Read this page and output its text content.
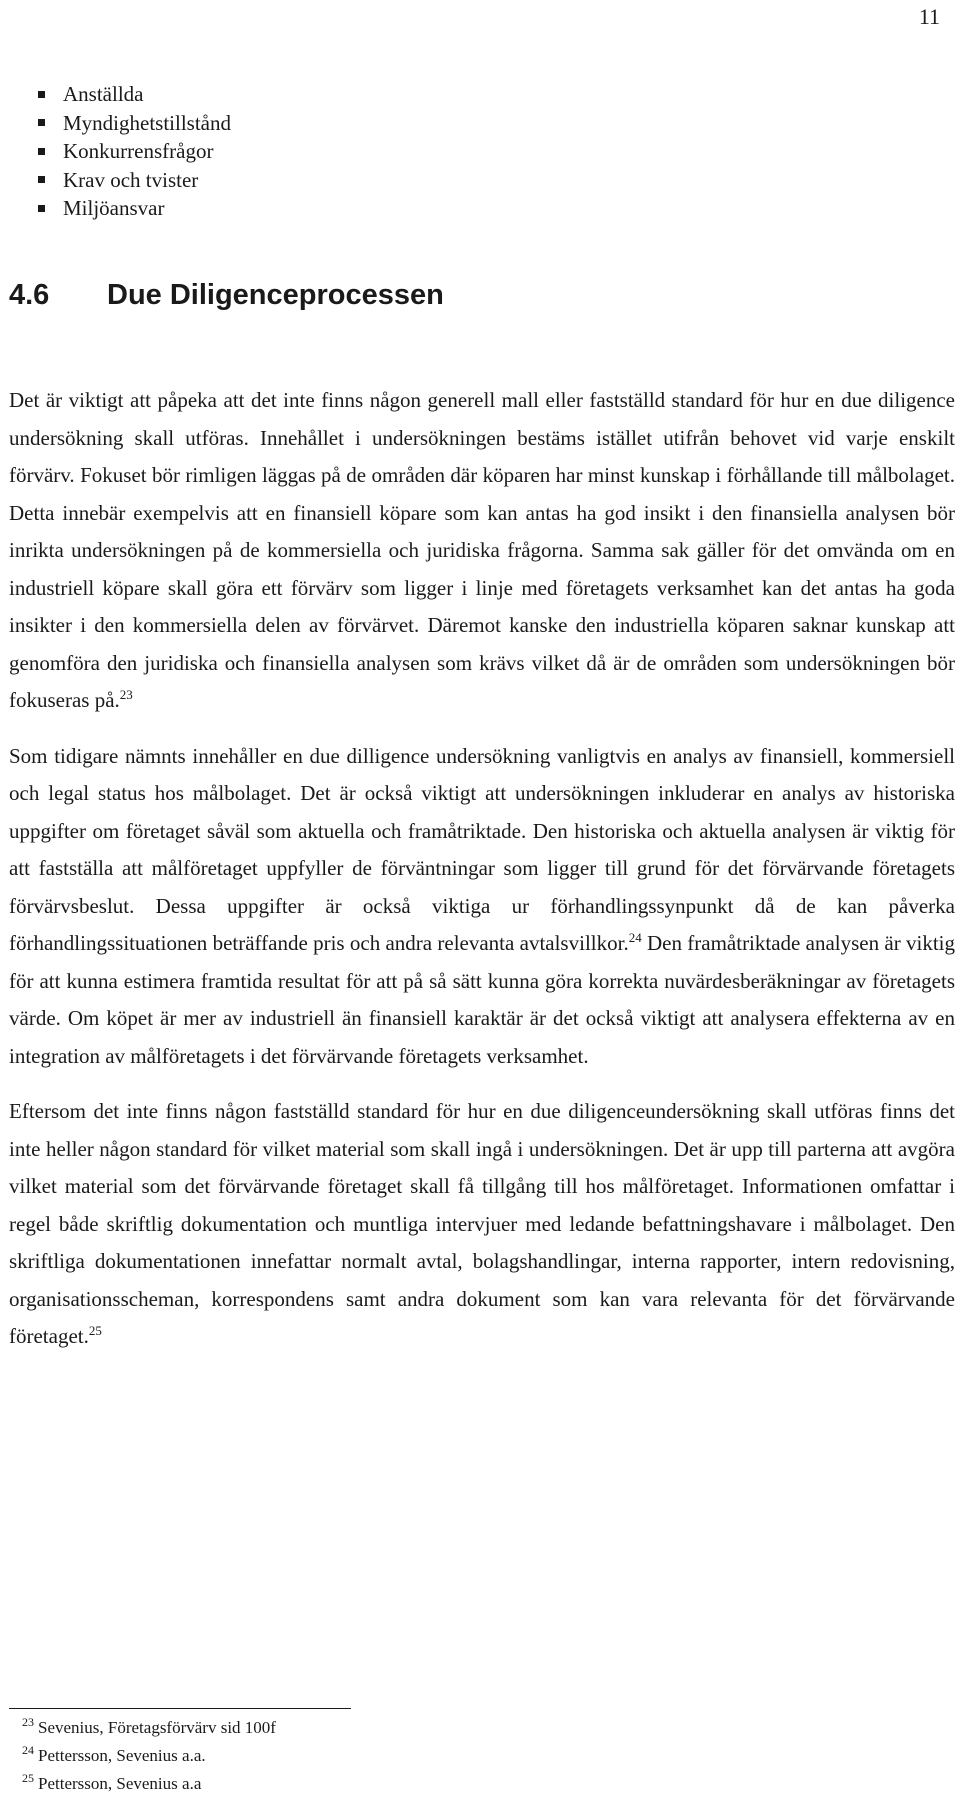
11
Anställda
Myndighetstillstånd
Konkurrensfrågor
Krav och tvister
Miljöansvar
4.6 Due Diligenceprocessen

Det är viktigt att påpeka att det inte finns någon generell mall eller fastställd standard för hur en due diligence undersökning skall utföras. Innehållet i undersökningen bestäms istället utifrån behovet vid varje enskilt förvärv. Fokuset bör rimligen läggas på de områden där köparen har minst kunskap i förhållande till målbolaget. Detta innebär exempelvis att en finansiell köpare som kan antas ha god insikt i den finansiella analysen bör inrikta undersökningen på de kommersiella och juridiska frågorna. Samma sak gäller för det omvända om en industriell köpare skall göra ett förvärv som ligger i linje med företagets verksamhet kan det antas ha goda insikter i den kommersiella delen av förvärvet. Däremot kanske den industriella köparen saknar kunskap att genomföra den juridiska och finansiella analysen som krävs vilket då är de områden som undersökningen bör fokuseras på.$^{23}$

Som tidigare nämnts innehåller en due dilligence undersökning vanligtvis en analys av finansiell, kommersiell och legal status hos målbolaget. Det är också viktigt att undersökningen inkluderar en analys av historiska uppgifter om företaget såväl som aktuella och framåtriktade. Den historiska och aktuella analysen är viktig för att fastställa att målföretaget uppfyller de förväntningar som ligger till grund för det förvärvande företagets förvärvsbeslut. Dessa uppgifter är också viktiga ur förhandlingssynpunkt då de kan påverka förhandlingssituationen beträffande pris och andra relevanta avtalsvillkor.$^{24}$ Den framåtriktade analysen är viktig för att kunna estimera framtida resultat för att på så sätt kunna göra korrekta nuvärdesberäkningar av företagets värde. Om köpet är mer av industriell än finansiell karaktär är det också viktigt att analysera effekterna av en integration av målföretagets i det förvärvande företagets verksamhet.

Eftersom det inte finns någon fastställd standard för hur en due diligenceundersökning skall utföras finns det inte heller någon standard för vilket material som skall ingå i undersökningen. Det är upp till parterna att avgöra vilket material som det förvärvande företaget skall få tillgång till hos målföretaget. Informationen omfattar i regel både skriftlig dokumentation och muntliga intervjuer med ledande befattningshavare i målbolaget. Den skriftliga dokumentationen innefattar normalt avtal, bolagshandlingar, interna rapporter, intern redovisning, organisationsscheman, korrespondens samt andra dokument som kan vara relevanta för det förvärvande företaget.$^{25}$

$^{23}$ Sevenius, Företagsförvärv sid 100f
$^{24}$ Pettersson, Sevenius a.a.
$^{25}$ Pettersson, Sevenius a.a
